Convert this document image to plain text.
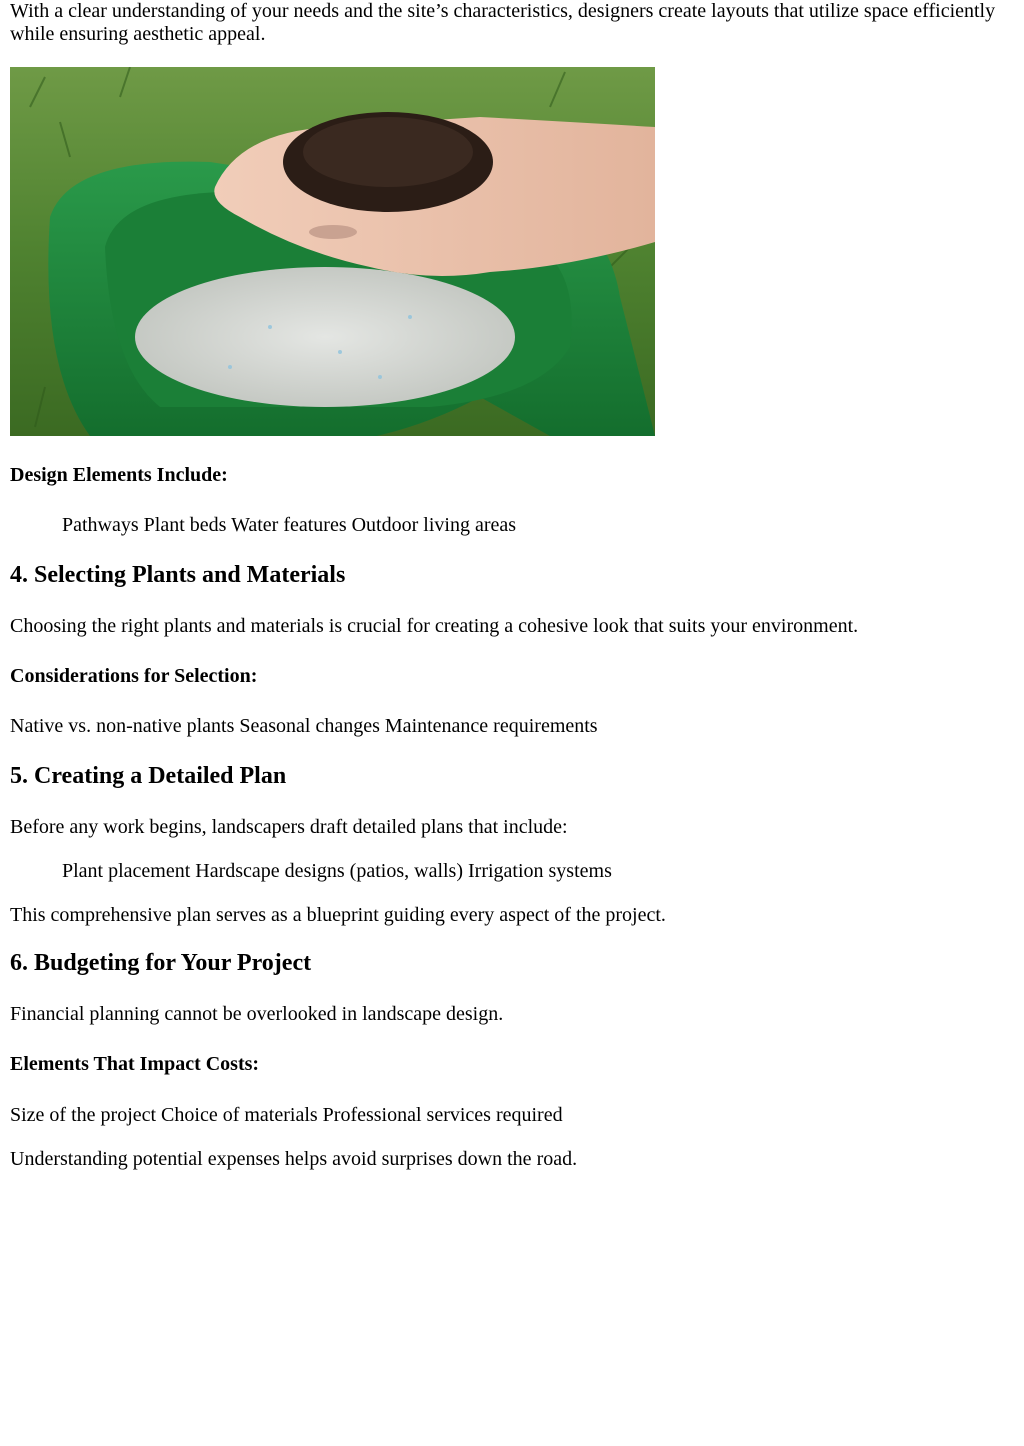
With a clear understanding of your needs and the site’s characteristics, designers create layouts that utilize space efficiently while ensuring aesthetic appeal.

Design Elements Include:
Pathways Plant beds Water features Outdoor living areas
4. Selecting Plants and Materials
Choosing the right plants and materials is crucial for creating a cohesive look that suits your environment.
Considerations for Selection:
Native vs. non-native plants Seasonal changes Maintenance requirements
5. Creating a Detailed Plan
Before any work begins, landscapers draft detailed plans that include:
Plant placement Hardscape designs (patios, walls) Irrigation systems
This comprehensive plan serves as a blueprint guiding every aspect of the project.
6. Budgeting for Your Project
Financial planning cannot be overlooked in landscape design.
Elements That Impact Costs:
Size of the project Choice of materials Professional services required
Understanding potential expenses helps avoid surprises down the road.
